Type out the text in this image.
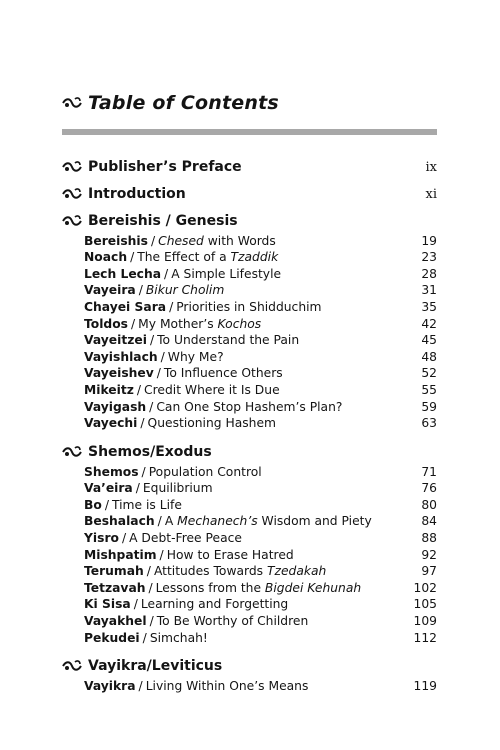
Table of Contents
Publisher’s Preface	ix
Introduction	xi
Bereishis / Genesis
Bereishis / Chesed with Words	19
Noach / The Effect of a Tzaddik	23
Lech Lecha / A Simple Lifestyle	28
Vayeira / Bikur Cholim	31
Chayei Sara / Priorities in Shidduchim	35
Toldos / My Mother’s Kochos	42
Vayeitzei / To Understand the Pain	45
Vayishlach / Why Me?	48
Vayeishev / To Influence Others	52
Mikeitz / Credit Where it Is Due	55
Vayigash / Can One Stop Hashem’s Plan?	59
Vayechi / Questioning Hashem	63
Shemos/Exodus
Shemos / Population Control	71
Va’eira / Equilibrium	76
Bo / Time is Life	80
Beshalach / A Mechanech’s Wisdom and Piety	84
Yisro / A Debt-Free Peace	88
Mishpatim / How to Erase Hatred	92
Terumah / Attitudes Towards Tzedakah	97
Tetzavah / Lessons from the Bigdei Kehunah	102
Ki Sisa / Learning and Forgetting	105
Vayakhel / To Be Worthy of Children	109
Pekudei / Simchah!	112
Vayikra/Leviticus
Vayikra / Living Within One’s Means	119
